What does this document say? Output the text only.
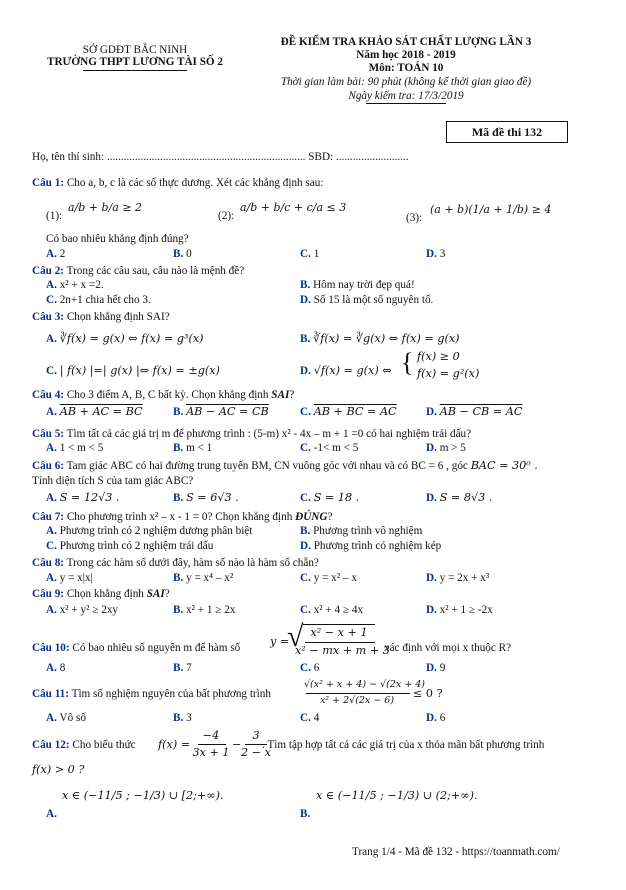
SỞ GDĐT BẮC NINH
TRƯỜNG THPT LƯƠNG TÀI SỐ 2
ĐỀ KIỂM TRA KHẢO SÁT CHẤT LƯỢNG LẦN 3
Năm học 2018 - 2019
Môn: TOÁN 10
Thời gian làm bài: 90 phút (không kể thời gian giao đề)
Ngày kiểm tra: 17/3/2019
Mã đề thi 132
Họ, tên thí sinh: ....................................................................... SBD: ..........................
Câu 1: Cho a, b, c là các số thực dương. Xét các khẳng định sau:
(1):
a/b + b/a ≥ 2
(2):
a/b + b/c + c/a ≤ 3
(3):
(a + b)(1/a + 1/b) ≥ 4
Có bao nhiêu khẳng định đúng?
A. 2	B. 0	C. 1	D. 3
Câu 2: Trong các câu sau, câu nào là mệnh đề?
A. x² + x =2.	B. Hôm nay trời đẹp quá!
C. 2n+1 chia hết cho 3.	D. Số 15 là một số nguyên tố.
Câu 3: Chọn khẳng định SAI?
A. ∛f(x) = g(x) ⇔ f(x) = g³(x)	B. ∛f(x) = ∛g(x) ⇔ f(x) = g(x)
C. | f(x) |=| g(x) |⇔ f(x) = ±g(x)	D. √f(x) = g(x) ⇔ { f(x) ≥ 0
f(x) = g²(x)
Câu 4: Cho 3 điểm A, B, C bất kỳ. Chọn khẳng định SAI?
A. AB + AC = BC	B. AB − AC = CB	C. AB + BC = AC	D. AB − CB = AC
Câu 5: Tìm tất cả các giá trị m để phương trình : (5-m) x² - 4x – m + 1 =0 có hai nghiệm trái dấu?
A. 1 < m < 5	B. m < 1	C. -1< m < 5	D. m > 5
Câu 6: Tam giác ABC có hai đường trung tuyến BM, CN vuông góc với nhau và có BC = 6 , góc BAC = 30⁰ .
Tính diện tích S của tam giác ABC?
A. S = 12√3 .	B. S = 6√3 .	C. S = 18 .	D. S = 8√3 .
Câu 7: Cho phương trình x² – x - 1 = 0? Chọn khẳng định ĐÚNG?
A. Phương trình có 2 nghiệm dương phân biệt	B. Phương trình vô nghiệm
C. Phương trình có 2 nghiệm trái dấu	D. Phương trình có nghiệm kép
Câu 8: Trong các hàm số dưới đây, hàm số nào là hàm số chẵn?
A. y = x|x|	B. y = x⁴ – x²	C. y = x² – x	D. y = 2x + x³
Câu 9: Chọn khẳng định SAI?
A. x² + y² ≥ 2xy	B. x² + 1 ≥ 2x	C. x² + 4 ≥ 4x	D. x² + 1 ≥ -2x
Câu 10: Có bao nhiêu số nguyên m để hàm số	y =
√ x² − x + 1
x² − mx + m + 3
xác định với mọi x thuộc R?
A. 8	B. 7	C. 6	D. 9
Câu 11: Tìm số nghiệm nguyên của bất phương trình
√(x² + x + 4) − √(2x + 4)
x² + 2√(2x − 6)
≤ 0 ?
A. Vô số	B. 3	C. 4	D. 6
Câu 12: Cho biểu thức f(x) =
−4
3x + 1
−
3
2 − x
. Tìm tập hợp tất cả các giá trị của x thỏa mãn bất phương trình
f(x) > 0 ?
x ∈ (−11/5 ; −1/3) ∪ [2;+∞).
A.
x ∈ (−11/5 ; −1/3) ∪ (2;+∞).
B.
Trang 1/4 - Mã đề 132 - https://toanmath.com/
